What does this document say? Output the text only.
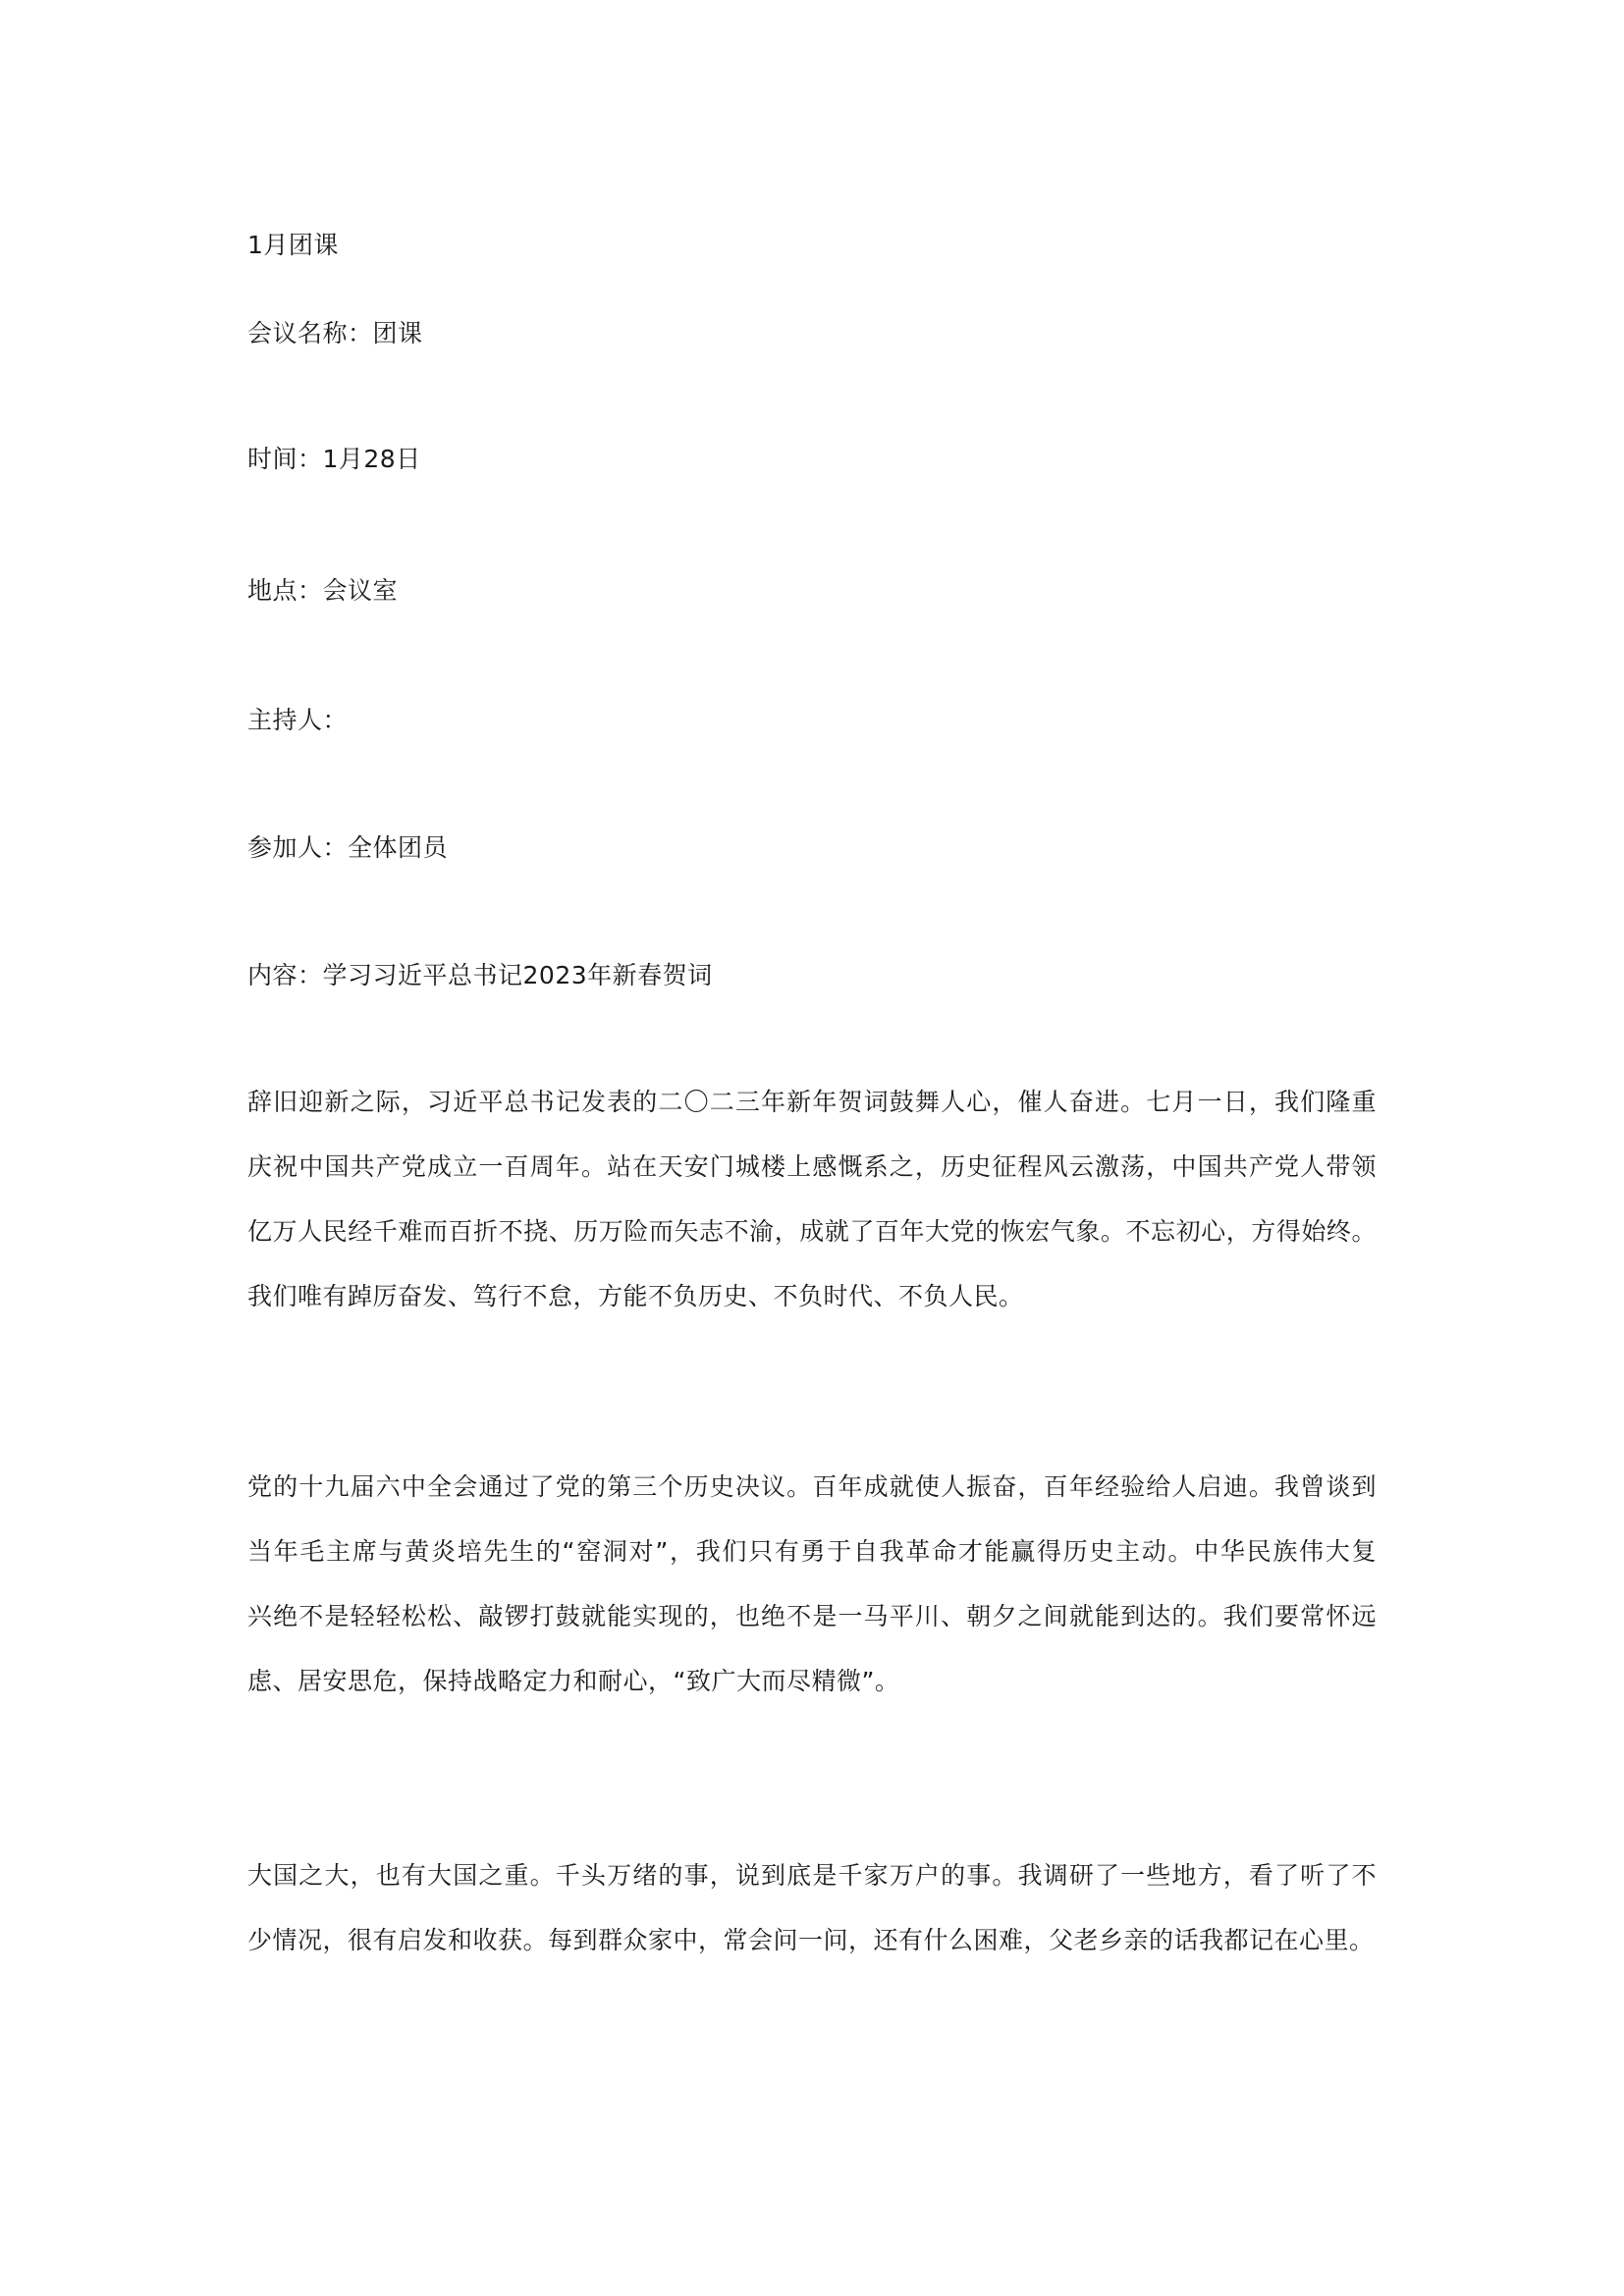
1月团课
会议名称：团课
时间：1月28日
地点：会议室
主持人：
参加人：全体团员
内容：学习习近平总书记2023年新春贺词
辞旧迎新之际，习近平总书记发表的二〇二三年新年贺词鼓舞人心，催人奋进。七月一日，我们隆重
庆祝中国共产党成立一百周年。站在天安门城楼上感慨系之，历史征程风云激荡，中国共产党人带领
亿万人民经千难而百折不挠、历万险而矢志不渝，成就了百年大党的恢宏气象。不忘初心，方得始终。
我们唯有踔厉奋发、笃行不怠，方能不负历史、不负时代、不负人民。
党的十九届六中全会通过了党的第三个历史决议。百年成就使人振奋，百年经验给人启迪。我曾谈到
当年毛主席与黄炎培先生的“窑洞对”，我们只有勇于自我革命才能赢得历史主动。中华民族伟大复
兴绝不是轻轻松松、敲锣打鼓就能实现的，也绝不是一马平川、朝夕之间就能到达的。我们要常怀远
虑、居安思危，保持战略定力和耐心，“致广大而尽精微”。
大国之大，也有大国之重。千头万绪的事，说到底是千家万户的事。我调研了一些地方，看了听了不
少情况，很有启发和收获。每到群众家中，常会问一问，还有什么困难，父老乡亲的话我都记在心里。
